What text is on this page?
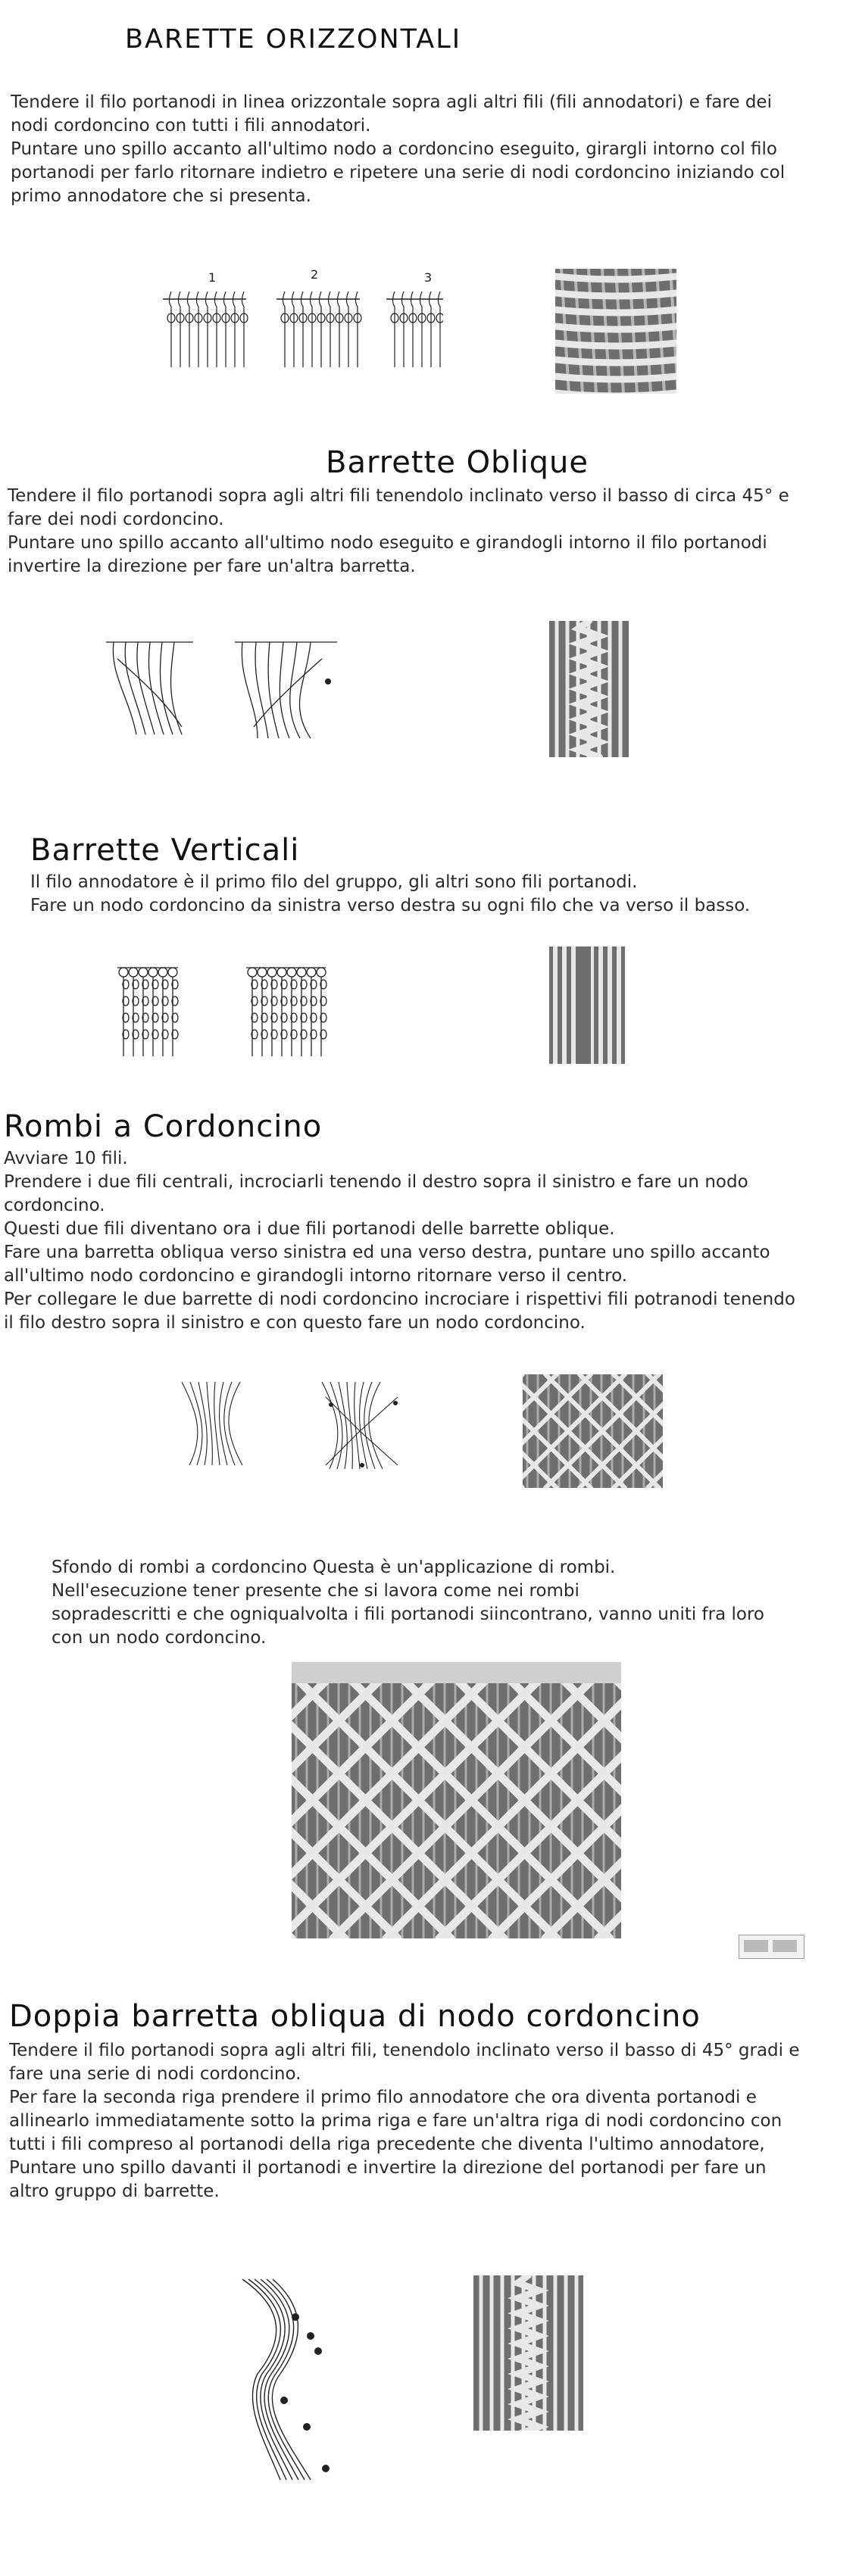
BARETTE ORIZZONTALI
Tendere il filo portanodi in linea orizzontale sopra agli altri fili (fili annodatori) e fare dei
nodi cordoncino con tutti i fili annodatori.
Puntare uno spillo accanto all'ultimo nodo a cordoncino eseguito, girargli intorno col filo
portanodi per farlo ritornare indietro e ripetere una serie di nodi cordoncino iniziando col
primo annodatore che si presenta.
1	2	3
Barrette Oblique
Tendere il filo portanodi sopra agli altri fili tenendolo inclinato verso il basso di circa 45° e
fare dei nodi cordoncino.
Puntare uno spillo accanto all'ultimo nodo eseguito e girandogli intorno il filo portanodi
invertire la direzione per fare un'altra barretta.
Barrette Verticali
Il filo annodatore è il primo filo del gruppo, gli altri sono fili portanodi.
Fare un nodo cordoncino da sinistra verso destra su ogni filo che va verso il basso.
Rombi a Cordoncino
Avviare 10 fili.
Prendere i due fili centrali, incrociarli tenendo il destro sopra il sinistro e fare un nodo
cordoncino.
Questi due fili diventano ora i due fili portanodi delle barrette oblique.
Fare una barretta obliqua verso sinistra ed una verso destra, puntare uno spillo accanto
all'ultimo nodo cordoncino e girandogli intorno ritornare verso il centro.
Per collegare le due barrette di nodi cordoncino incrociare i rispettivi fili potranodi tenendo
il filo destro sopra il sinistro e con questo fare un nodo cordoncino.
Sfondo di rombi a cordoncino Questa è un'applicazione di rombi.
Nell'esecuzione tener presente che si lavora come nei rombi
sopradescritti e che ogniqualvolta i fili portanodi siincontrano, vanno uniti fra loro
con un nodo cordoncino.
Doppia barretta obliqua di nodo cordoncino
Tendere il filo portanodi sopra agli altri fili, tenendolo inclinato verso il basso di 45° gradi e
fare una serie di nodi cordoncino.
Per fare la seconda riga prendere il primo filo annodatore che ora diventa portanodi e
allinearlo immediatamente sotto la prima riga e fare un'altra riga di nodi cordoncino con
tutti i fili compreso al portanodi della riga precedente che diventa l'ultimo annodatore,
Puntare uno spillo davanti il portanodi e invertire la direzione del portanodi per fare un
altro gruppo di barrette.
